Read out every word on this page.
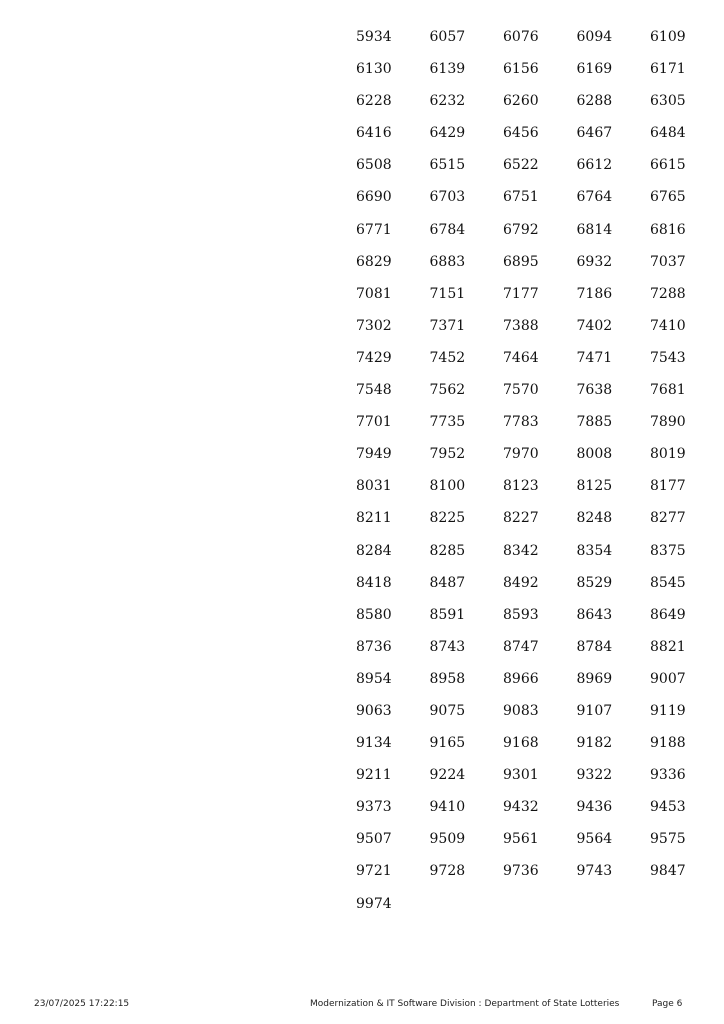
5934	6057	6076	6094	6109
6130	6139	6156	6169	6171
6228	6232	6260	6288	6305
6416	6429	6456	6467	6484
6508	6515	6522	6612	6615
6690	6703	6751	6764	6765
6771	6784	6792	6814	6816
6829	6883	6895	6932	7037
7081	7151	7177	7186	7288
7302	7371	7388	7402	7410
7429	7452	7464	7471	7543
7548	7562	7570	7638	7681
7701	7735	7783	7885	7890
7949	7952	7970	8008	8019
8031	8100	8123	8125	8177
8211	8225	8227	8248	8277
8284	8285	8342	8354	8375
8418	8487	8492	8529	8545
8580	8591	8593	8643	8649
8736	8743	8747	8784	8821
8954	8958	8966	8969	9007
9063	9075	9083	9107	9119
9134	9165	9168	9182	9188
9211	9224	9301	9322	9336
9373	9410	9432	9436	9453
9507	9509	9561	9564	9575
9721	9728	9736	9743	9847
9974
23/07/2025 17:22:15	Modernization & IT Software Division : Department of State Lotteries	Page 6
